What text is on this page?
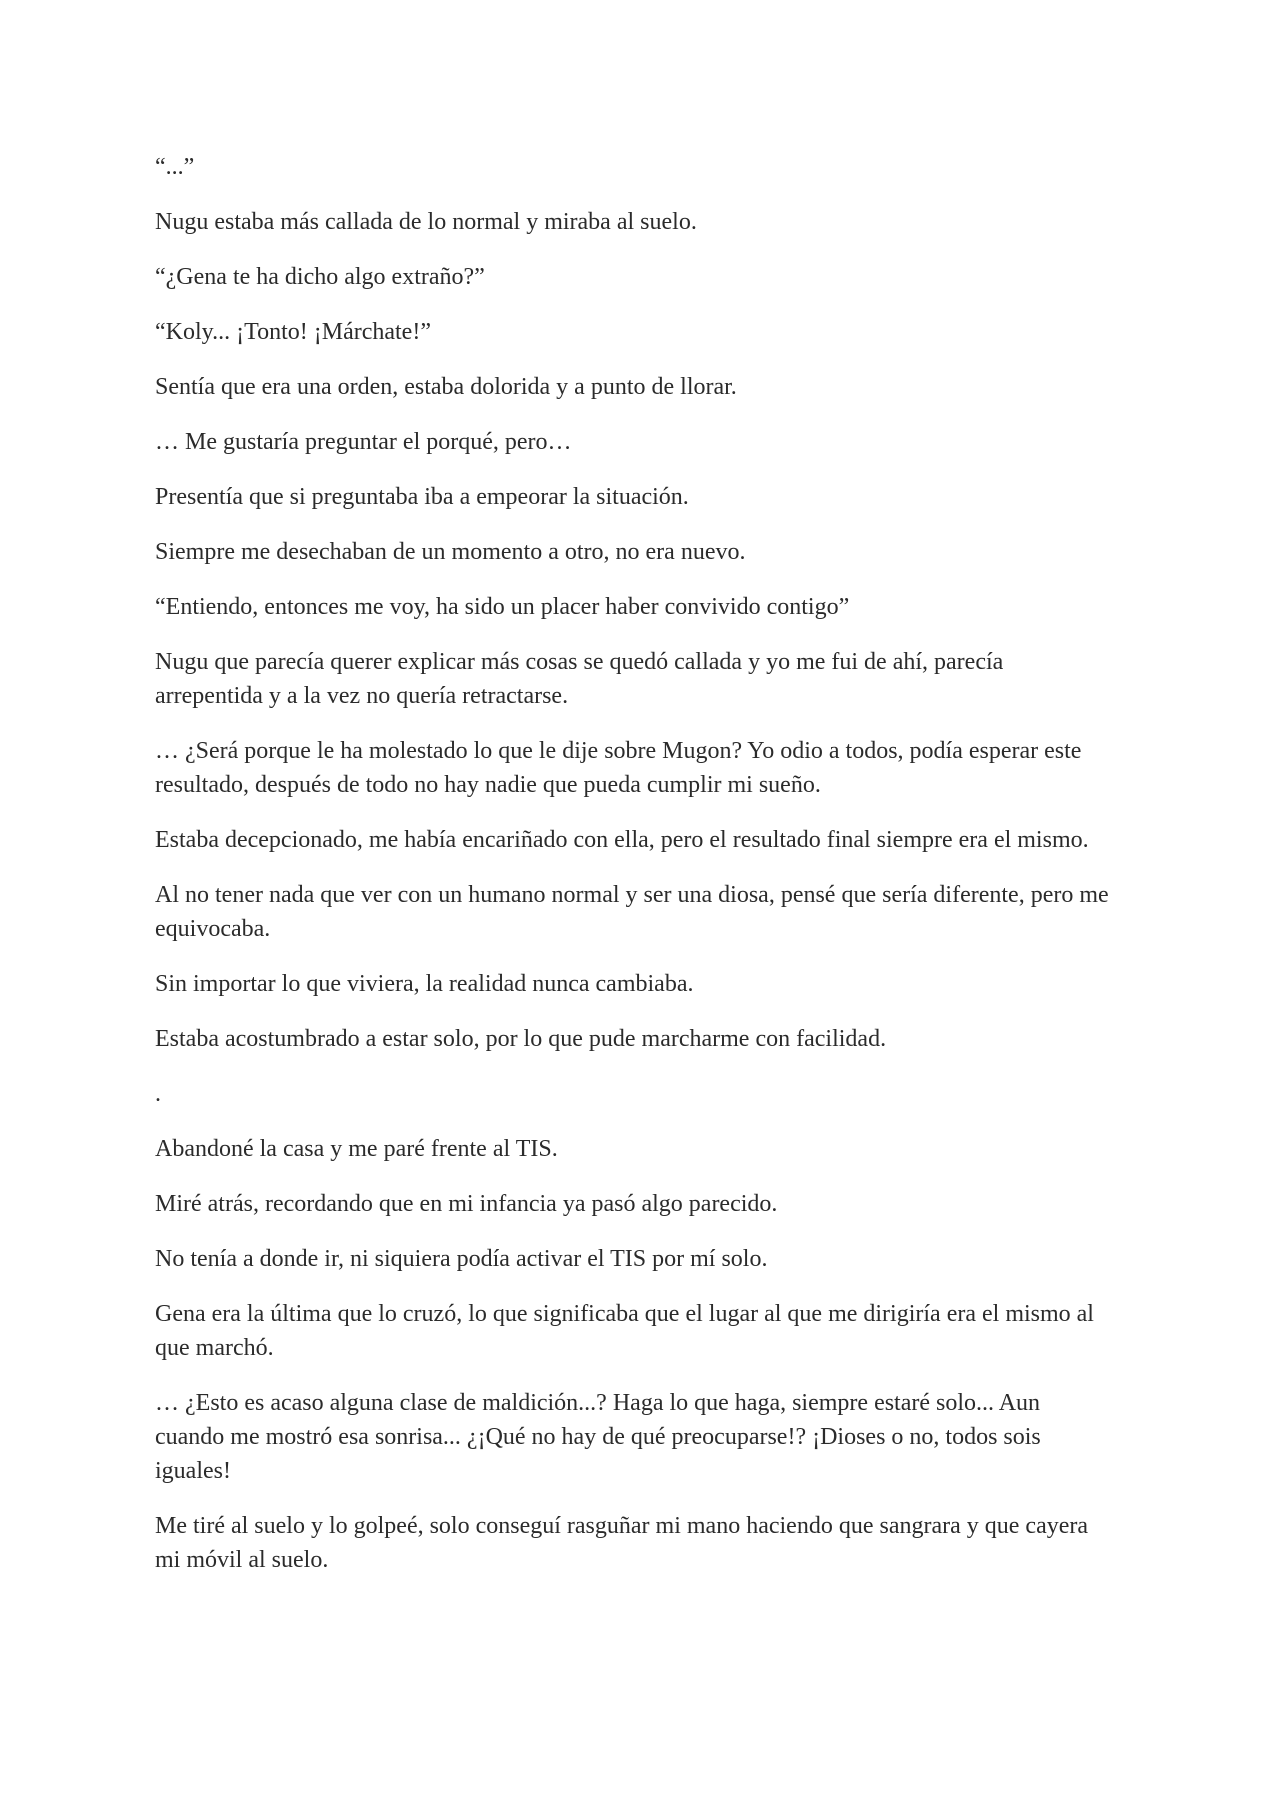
“...”

Nugu estaba más callada de lo normal y miraba al suelo.

“¿Gena te ha dicho algo extraño?”

“Koly... ¡Tonto! ¡Márchate!”

Sentía que era una orden, estaba dolorida y a punto de llorar.

… Me gustaría preguntar el porqué, pero…

Presentía que si preguntaba iba a empeorar la situación.

Siempre me desechaban de un momento a otro, no era nuevo.

“Entiendo, entonces me voy, ha sido un placer haber convivido contigo”

Nugu que parecía querer explicar más cosas se quedó callada y yo me fui de ahí, parecía arrepentida y a la vez no quería retractarse.

… ¿Será porque le ha molestado lo que le dije sobre Mugon? Yo odio a todos, podía esperar este resultado, después de todo no hay nadie que pueda cumplir mi sueño.

Estaba decepcionado, me había encariñado con ella, pero el resultado final siempre era el mismo.

Al no tener nada que ver con un humano normal y ser una diosa, pensé que sería diferente, pero me equivocaba.

Sin importar lo que viviera, la realidad nunca cambiaba.

Estaba acostumbrado a estar solo, por lo que pude marcharme con facilidad.

.

Abandoné la casa y me paré frente al TIS.

Miré atrás, recordando que en mi infancia ya pasó algo parecido.

No tenía a donde ir, ni siquiera podía activar el TIS por mí solo.

Gena era la última que lo cruzó, lo que significaba que el lugar al que me dirigiría era el mismo al que marchó.

… ¿Esto es acaso alguna clase de maldición...? Haga lo que haga, siempre estaré solo... Aun cuando me mostró esa sonrisa... ¿¡Qué no hay de qué preocuparse!? ¡Dioses o no, todos sois iguales!

Me tiré al suelo y lo golpeé, solo conseguí rasguñar mi mano haciendo que sangrara y que cayera mi móvil al suelo.
